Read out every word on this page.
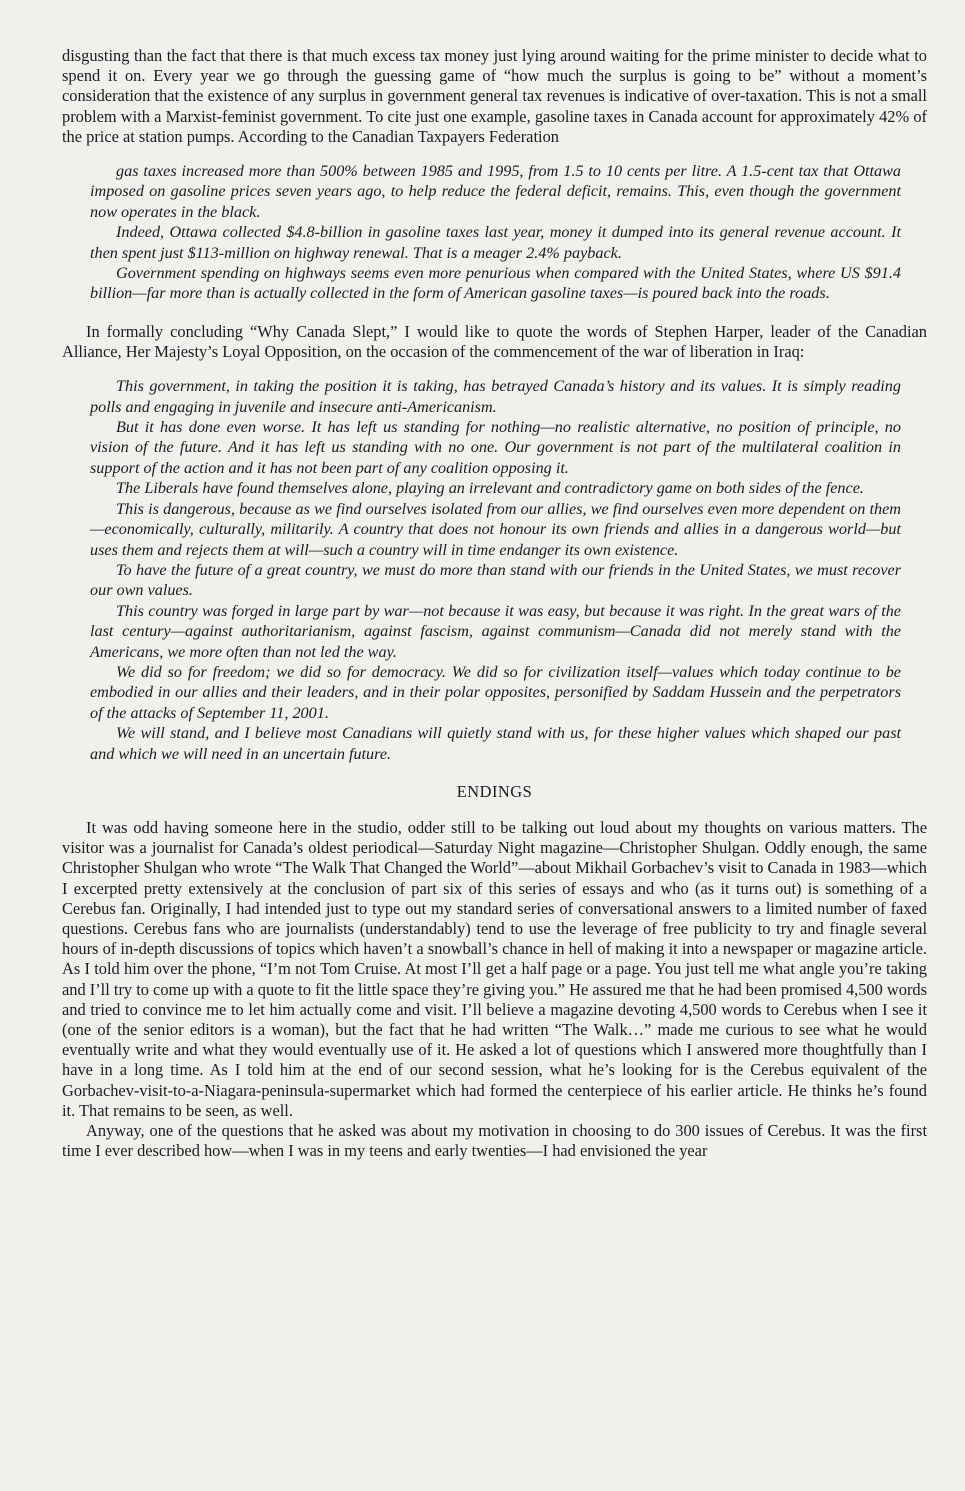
disgusting than the fact that there is that much excess tax money just lying around waiting for the prime minister to decide what to spend it on. Every year we go through the guessing game of “how much the surplus is going to be” without a moment’s consideration that the existence of any surplus in government general tax revenues is indicative of over-taxation. This is not a small problem with a Marxist-feminist government. To cite just one example, gasoline taxes in Canada account for approximately 42% of the price at station pumps. According to the Canadian Taxpayers Federation

gas taxes increased more than 500% between 1985 and 1995, from 1.5 to 10 cents per litre. A 1.5-cent tax that Ottawa imposed on gasoline prices seven years ago, to help reduce the federal deficit, remains. This, even though the government now operates in the black.

Indeed, Ottawa collected $4.8-billion in gasoline taxes last year, money it dumped into its general revenue account. It then spent just $113-million on highway renewal. That is a meager 2.4% payback.

Government spending on highways seems even more penurious when compared with the United States, where US $91.4 billion—far more than is actually collected in the form of American gasoline taxes—is poured back into the roads.

In formally concluding “Why Canada Slept,” I would like to quote the words of Stephen Harper, leader of the Canadian Alliance, Her Majesty’s Loyal Opposition, on the occasion of the commencement of the war of liberation in Iraq:

This government, in taking the position it is taking, has betrayed Canada’s history and its values. It is simply reading polls and engaging in juvenile and insecure anti-Americanism.

But it has done even worse. It has left us standing for nothing—no realistic alternative, no position of principle, no vision of the future. And it has left us standing with no one. Our government is not part of the multilateral coalition in support of the action and it has not been part of any coalition opposing it.

The Liberals have found themselves alone, playing an irrelevant and contradictory game on both sides of the fence.

This is dangerous, because as we find ourselves isolated from our allies, we find ourselves even more dependent on them—economically, culturally, militarily. A country that does not honour its own friends and allies in a dangerous world—but uses them and rejects them at will—such a country will in time endanger its own existence.

To have the future of a great country, we must do more than stand with our friends in the United States, we must recover our own values.

This country was forged in large part by war—not because it was easy, but because it was right. In the great wars of the last century—against authoritarianism, against fascism, against communism—Canada did not merely stand with the Americans, we more often than not led the way.

We did so for freedom; we did so for democracy. We did so for civilization itself—values which today continue to be embodied in our allies and their leaders, and in their polar opposites, personified by Saddam Hussein and the perpetrators of the attacks of September 11, 2001.

We will stand, and I believe most Canadians will quietly stand with us, for these higher values which shaped our past and which we will need in an uncertain future.

ENDINGS

It was odd having someone here in the studio, odder still to be talking out loud about my thoughts on various matters. The visitor was a journalist for Canada’s oldest periodical—Saturday Night magazine—Christopher Shulgan. Oddly enough, the same Christopher Shulgan who wrote “The Walk That Changed the World”—about Mikhail Gorbachev’s visit to Canada in 1983—which I excerpted pretty extensively at the conclusion of part six of this series of essays and who (as it turns out) is something of a Cerebus fan. Originally, I had intended just to type out my standard series of conversational answers to a limited number of faxed questions. Cerebus fans who are journalists (understandably) tend to use the leverage of free publicity to try and finagle several hours of in-depth discussions of topics which haven’t a snowball’s chance in hell of making it into a newspaper or magazine article. As I told him over the phone, “I’m not Tom Cruise. At most I’ll get a half page or a page. You just tell me what angle you’re taking and I’ll try to come up with a quote to fit the little space they’re giving you.” He assured me that he had been promised 4,500 words and tried to convince me to let him actually come and visit. I’ll believe a magazine devoting 4,500 words to Cerebus when I see it (one of the senior editors is a woman), but the fact that he had written “The Walk…” made me curious to see what he would eventually write and what they would eventually use of it. He asked a lot of questions which I answered more thoughtfully than I have in a long time. As I told him at the end of our second session, what he’s looking for is the Cerebus equivalent of the Gorbachev-visit-to-a-Niagara-peninsula-supermarket which had formed the centerpiece of his earlier article. He thinks he’s found it. That remains to be seen, as well.

Anyway, one of the questions that he asked was about my motivation in choosing to do 300 issues of Cerebus. It was the first time I ever described how—when I was in my teens and early twenties—I had envisioned the year
